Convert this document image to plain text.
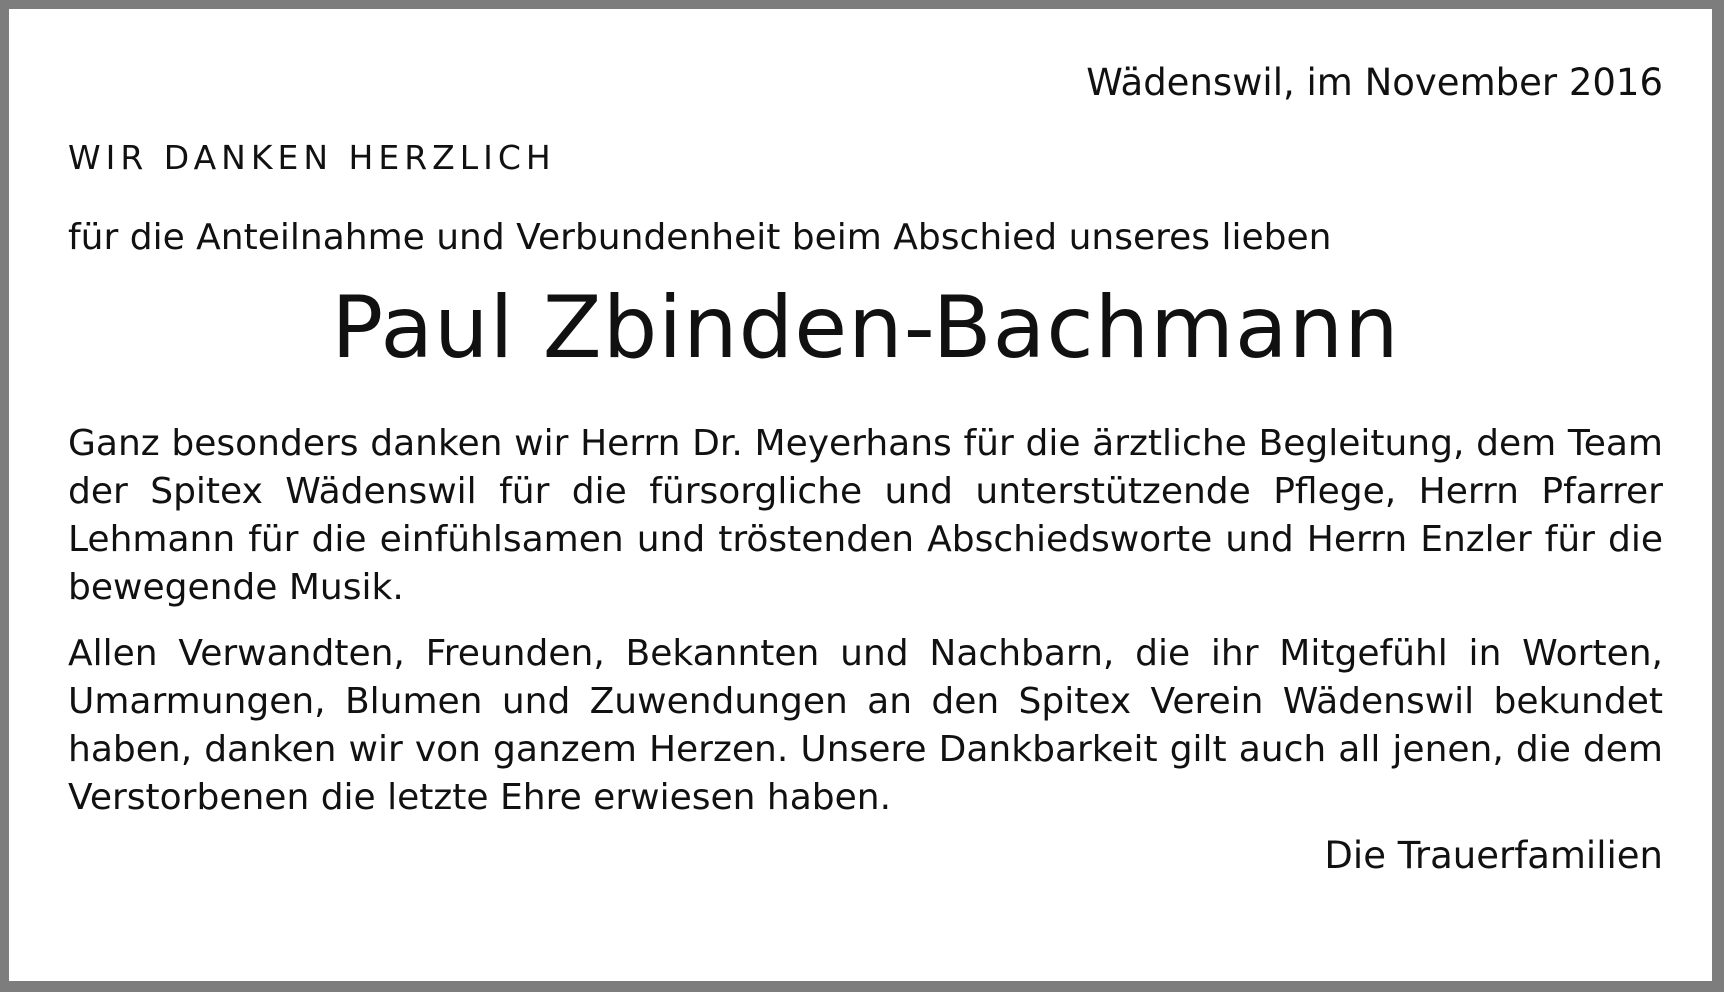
Wädenswil, im November 2016

WIR DANKEN HERZLICH

für die Anteilnahme und Verbundenheit beim Abschied unseres lieben

Paul Zbinden-Bachmann

Ganz besonders danken wir Herrn Dr. Meyerhans für die ärztliche Begleitung, dem Team der Spitex Wädenswil für die fürsorgliche und unterstützende Pflege, Herrn Pfarrer Lehmann für die einfühlsamen und tröstenden Abschiedsworte und Herrn Enzler für die bewegende Musik.

Allen Verwandten, Freunden, Bekannten und Nachbarn, die ihr Mitgefühl in Worten, Umarmungen, Blumen und Zuwendungen an den Spitex Verein Wädenswil bekundet haben, danken wir von ganzem Herzen. Unsere Dankbarkeit gilt auch all jenen, die dem Verstorbenen die letzte Ehre erwiesen haben.

Die Trauerfamilien
